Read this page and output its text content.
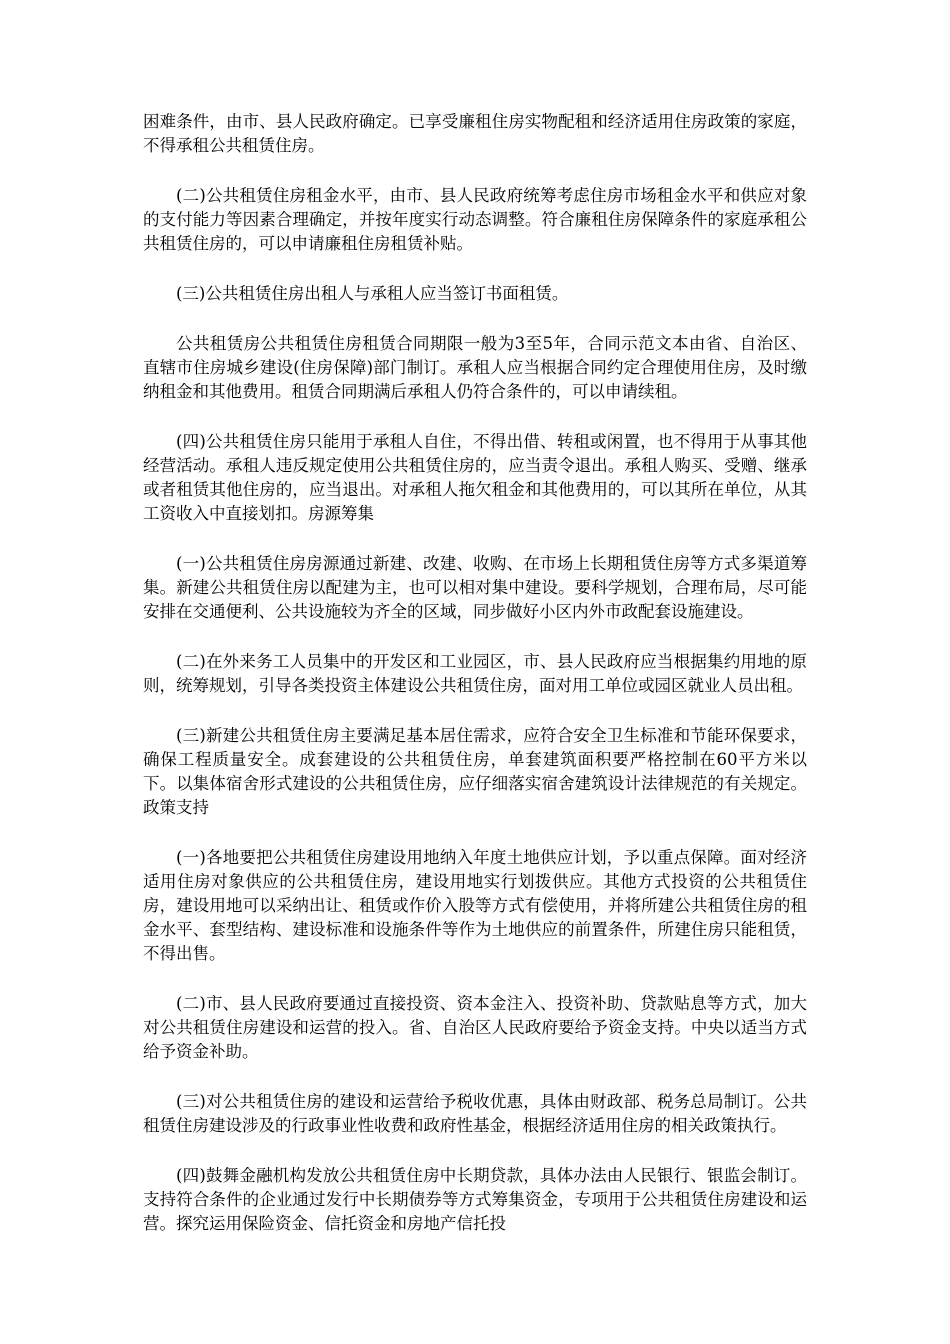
困难条件，由市、县人民政府确定。已享受廉租住房实物配租和经济适用住房政策的家庭，不得承租公共租赁住房。

(二)公共租赁住房租金水平，由市、县人民政府统筹考虑住房市场租金水平和供应对象的支付能力等因素合理确定，并按年度实行动态调整。符合廉租住房保障条件的家庭承租公共租赁住房的，可以申请廉租住房租赁补贴。

(三)公共租赁住房出租人与承租人应当签订书面租赁。

公共租赁房公共租赁住房租赁合同期限一般为3至5年，合同示范文本由省、自治区、直辖市住房城乡建设(住房保障)部门制订。承租人应当根据合同约定合理使用住房，及时缴纳租金和其他费用。租赁合同期满后承租人仍符合条件的，可以申请续租。

(四)公共租赁住房只能用于承租人自住，不得出借、转租或闲置，也不得用于从事其他经营活动。承租人违反规定使用公共租赁住房的，应当责令退出。承租人购买、受赠、继承或者租赁其他住房的，应当退出。对承租人拖欠租金和其他费用的，可以其所在单位，从其工资收入中直接划扣。房源筹集

(一)公共租赁住房房源通过新建、改建、收购、在市场上长期租赁住房等方式多渠道筹集。新建公共租赁住房以配建为主，也可以相对集中建设。要科学规划，合理布局，尽可能安排在交通便利、公共设施较为齐全的区域，同步做好小区内外市政配套设施建设。

(二)在外来务工人员集中的开发区和工业园区，市、县人民政府应当根据集约用地的原则，统筹规划，引导各类投资主体建设公共租赁住房，面对用工单位或园区就业人员出租。

(三)新建公共租赁住房主要满足基本居住需求，应符合安全卫生标准和节能环保要求，确保工程质量安全。成套建设的公共租赁住房，单套建筑面积要严格控制在60平方米以下。以集体宿舍形式建设的公共租赁住房，应仔细落实宿舍建筑设计法律规范的有关规定。政策支持

(一)各地要把公共租赁住房建设用地纳入年度土地供应计划，予以重点保障。面对经济适用住房对象供应的公共租赁住房，建设用地实行划拨供应。其他方式投资的公共租赁住房，建设用地可以采纳出让、租赁或作价入股等方式有偿使用，并将所建公共租赁住房的租金水平、套型结构、建设标准和设施条件等作为土地供应的前置条件，所建住房只能租赁，不得出售。

(二)市、县人民政府要通过直接投资、资本金注入、投资补助、贷款贴息等方式，加大对公共租赁住房建设和运营的投入。省、自治区人民政府要给予资金支持。中央以适当方式给予资金补助。

(三)对公共租赁住房的建设和运营给予税收优惠，具体由财政部、税务总局制订。公共租赁住房建设涉及的行政事业性收费和政府性基金，根据经济适用住房的相关政策执行。

(四)鼓舞金融机构发放公共租赁住房中长期贷款，具体办法由人民银行、银监会制订。支持符合条件的企业通过发行中长期债券等方式筹集资金，专项用于公共租赁住房建设和运营。探究运用保险资金、信托资金和房地产信托投
